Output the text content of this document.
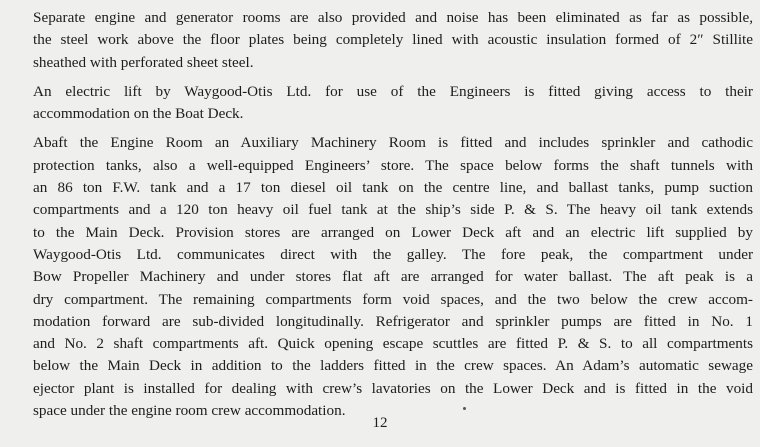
Separate engine and generator rooms are also provided and noise has been eliminated as far as possible,
the steel work above the floor plates being completely lined with acoustic insulation formed of 2″ Stillite
sheathed with perforated sheet steel.

An electric lift by Waygood-Otis Ltd. for use of the Engineers is fitted giving access to their
accommodation on the Boat Deck.

Abaft the Engine Room an Auxiliary Machinery Room is fitted and includes sprinkler and cathodic
protection tanks, also a well-equipped Engineers’ store. The space below forms the shaft tunnels with
an 86 ton F.W. tank and a 17 ton diesel oil tank on the centre line, and ballast tanks, pump suction
compartments and a 120 ton heavy oil fuel tank at the ship’s side P. & S. The heavy oil tank extends
to the Main Deck. Provision stores are arranged on Lower Deck aft and an electric lift supplied by
Waygood-Otis Ltd. communicates direct with the galley. The fore peak, the compartment under
Bow Propeller Machinery and under stores flat aft are arranged for water ballast. The aft peak is a
dry compartment. The remaining compartments form void spaces, and the two below the crew accom-
modation forward are sub-divided longitudinally. Refrigerator and sprinkler pumps are fitted in No. 1
and No. 2 shaft compartments aft. Quick opening escape scuttles are fitted P. & S. to all compartments
below the Main Deck in addition to the ladders fitted in the crew spaces. An Adam’s automatic sewage
ejector plant is installed for dealing with crew’s lavatories on the Lower Deck and is fitted in the void
space under the engine room crew accommodation.

12
